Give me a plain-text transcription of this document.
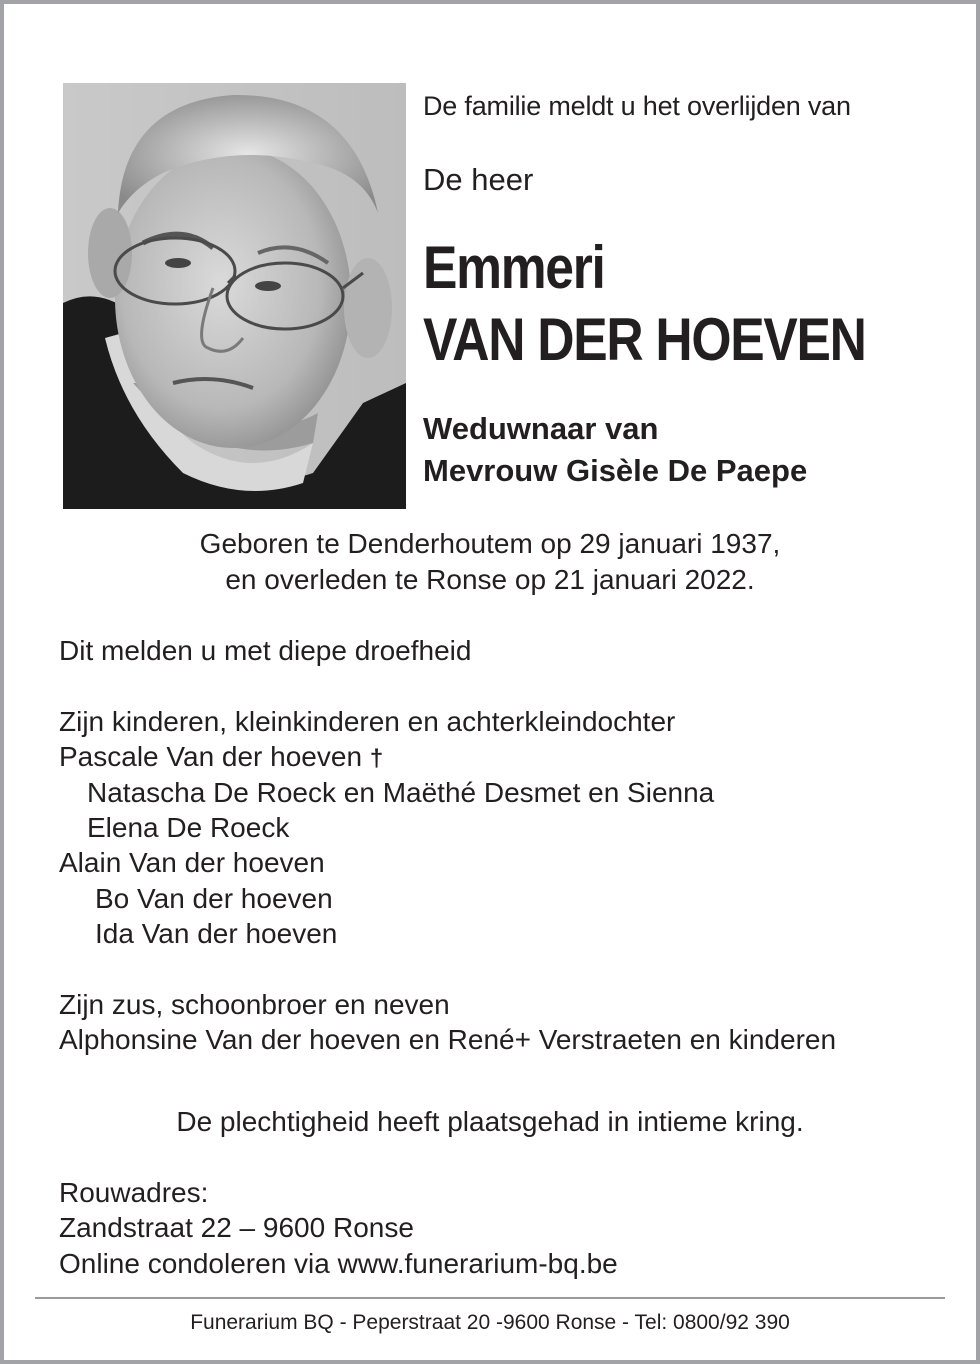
De familie meldt u het overlijden van
De heer
Emmeri
VAN DER HOEVEN
Weduwnaar van
Mevrouw Gisèle De Paepe
Geboren te Denderhoutem op 29 januari 1937,
en overleden te Ronse op 21 januari 2022.
Dit melden u met diepe droefheid
Zijn kinderen, kleinkinderen en achterkleindochter
Pascale Van der hoeven †
Natascha De Roeck en Maëthé Desmet en Sienna
Elena De Roeck
Alain Van der hoeven
Bo Van der hoeven
Ida Van der hoeven
Zijn zus, schoonbroer en neven
Alphonsine Van der hoeven en René+ Verstraeten en kinderen
De plechtigheid heeft plaatsgehad in intieme kring.
Rouwadres:
Zandstraat 22 – 9600 Ronse
Online condoleren via www.funerarium-bq.be
Funerarium BQ - Peperstraat 20 -9600 Ronse - Tel: 0800/92 390
